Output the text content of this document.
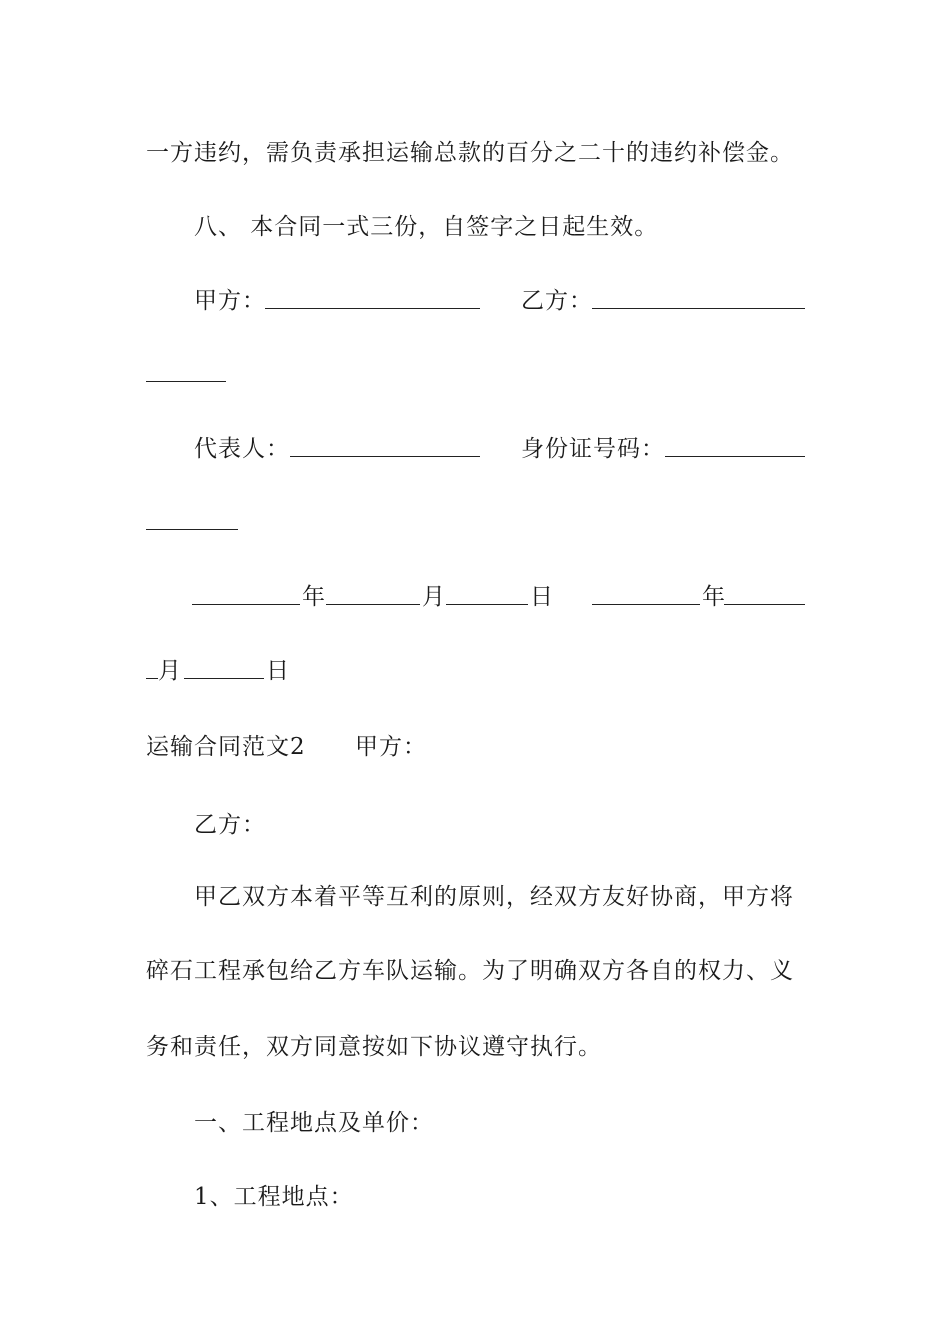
一方违约，需负责承担运输总款的百分之二十的违约补偿金。
八、 本合同一式三份，自签字之日起生效。
甲方：	乙方：
代表人：	身份证号码：
年	月	日	年
月	日
运输合同范文2 甲方：
乙方：
甲乙双方本着平等互利的原则，经双方友好协商，甲方将
碎石工程承包给乙方车队运输。为了明确双方各自的权力、义
务和责任，双方同意按如下协议遵守执行。
一、工程地点及单价：
1、工程地点：
